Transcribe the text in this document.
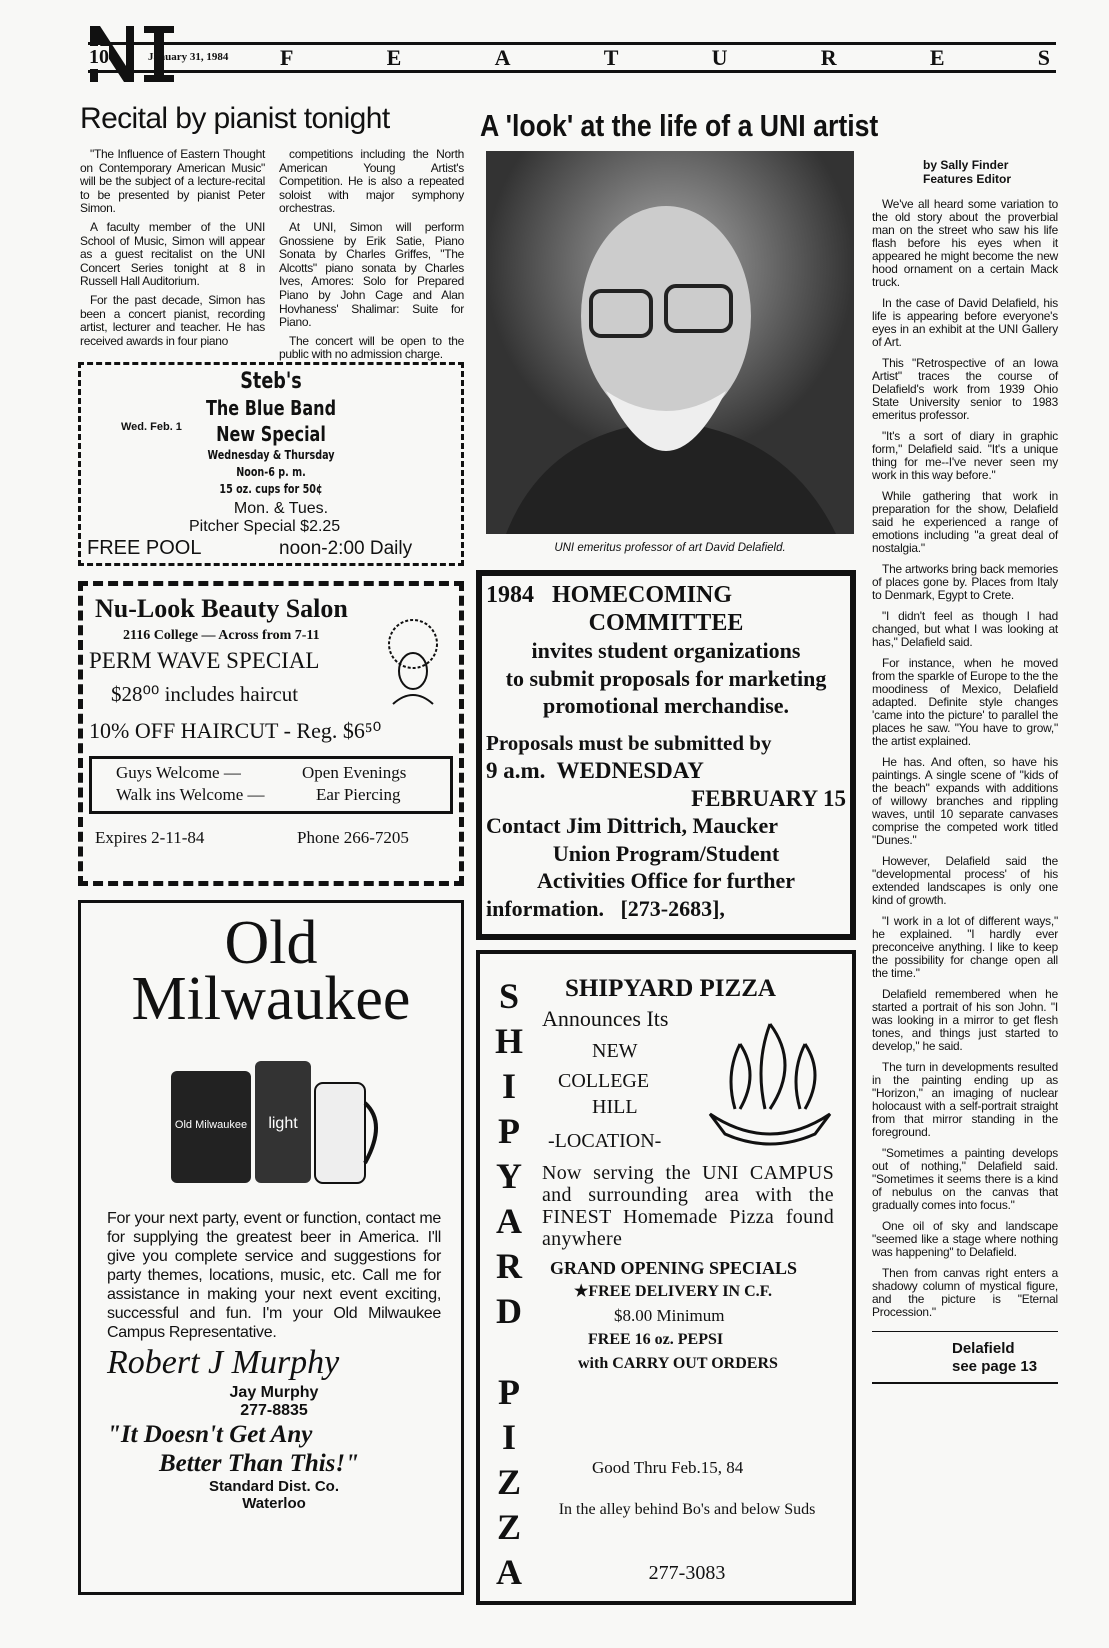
10	January 31, 1984 F	E	A	T	U	R	E	S
Recital by pianist tonight

"The Influence of Eastern Thought on Contemporary American Music" will be the subject of a lecture-recital to be presented by pianist Peter Simon.

A faculty member of the UNI School of Music, Simon will appear as a guest recitalist on the UNI Concert Series tonight at 8 in Russell Hall Auditorium.

For the past decade, Simon has been a concert pianist, recording artist, lecturer and teacher. He has received awards in four piano

competitions including the North American Young Artist's Competition. He is also a repeated soloist with major symphony orchestras.

At UNI, Simon will perform Gnossiene by Erik Satie, Piano Sonata by Charles Griffes, "The Alcotts" piano sonata by Charles Ives, Amores: Solo for Prepared Piano by John Cage and Alan Hovhaness' Shalimar: Suite for Piano.

The concert will be open to the public with no admission charge.

Steb's
The Blue Band
New Special
Wednesday & Thursday
Noon-6 p. m.
15 oz. cups for 50¢
Wed. Feb. 1
Mon. & Tues.
Pitcher Special $2.25
FREE POOL	noon-2:00 Daily
Nu-Look Beauty Salon
2116 College — Across from 7-11
PERM WAVE SPECIAL
$28⁰⁰ includes haircut
10% OFF HAIRCUT - Reg. $6⁵⁰
Guys Welcome —	Open Evenings
Walk ins Welcome —	Ear Piercing
Expires 2-11-84	Phone 266-7205
Old
Milwaukee
Old Milwaukee light
For your next party, event or function, contact me for supplying the greatest beer in America. I'll give you complete service and suggestions for party themes, locations, music, etc. Call me for assistance in making your next event exciting, successful and fun. I'm your Old Milwaukee Campus Representative.
Robert J Murphy
Jay Murphy
277-8835
"It Doesn't Get Any
Better Than This!"
Standard Dist. Co.
Waterloo
A 'look' at the life of a UNI artist
UNI emeritus professor of art David Delafield.
by Sally Finder
Features Editor

We've all heard some variation to the old story about the proverbial man on the street who saw his life flash before his eyes when it appeared he might become the new hood ornament on a certain Mack truck.

In the case of David Delafield, his life is appearing before everyone's eyes in an exhibit at the UNI Gallery of Art.

This "Retrospective of an Iowa Artist" traces the course of Delafield's work from 1939 Ohio State University senior to 1983 emeritus professor.

"It's a sort of diary in graphic form," Delafield said. "It's a unique thing for me--I've never seen my work in this way before."

While gathering that work in preparation for the show, Delafield said he experienced a range of emotions including "a great deal of nostalgia."

The artworks bring back memories of places gone by. Places from Italy to Denmark, Egypt to Crete.

"I didn't feel as though I had changed, but what I was looking at has," Delafield said.

For instance, when he moved from the sparkle of Europe to the the moodiness of Mexico, Delafield adapted. Definite style changes 'came into the picture' to parallel the places he saw. "You have to grow," the artist explained.

He has. And often, so have his paintings. A single scene of "kids of the beach" expands with additions of willowy branches and rippling waves, until 10 separate canvases comprise the competed work titled "Dunes."

However, Delafield said the "developmental process' of his extended landscapes is only one kind of growth.

"I work in a lot of different ways," he explained. "I hardly ever preconceive anything. I like to keep the possibility for change open all the time."

Delafield remembered when he started a portrait of his son John. "I was looking in a mirror to get flesh tones, and things just started to develop," he said.

The turn in developments resulted in the painting ending up as "Horizon," an imaging of nuclear holocaust with a self-portrait straight from that mirror standing in the foreground.

"Sometimes a painting develops out of nothing," Delafield said. "Sometimes it seems there is a kind of nebulus on the canvas that gradually comes into focus."

One oil of sky and landscape "seemed like a stage where nothing was happening" to Delafield.

Then from canvas right enters a shadowy column of mystical figure, and the picture is "Eternal Procession."

Delafield
see page 13
1984   HOMECOMING
COMMITTEE
invites student organizations
to submit proposals for marketing
promotional merchandise.
Proposals must be submitted by
9 a.m.  WEDNESDAY
FEBRUARY 15
Contact Jim Dittrich, Maucker
Union Program/Student
Activities Office for further
information.   [273-2683],
S
H
I
P
Y
A
R
D
P
I
Z
Z
A
SHIPYARD PIZZA
Announces Its
NEW
COLLEGE
HILL
-LOCATION-
Now serving the UNI CAMPUS and surrounding area with the FINEST Homemade Pizza found anywhere
GRAND OPENING SPECIALS
★FREE DELIVERY IN C.F.
$8.00 Minimum
FREE 16 oz. PEPSI
with CARRY OUT ORDERS
Good Thru Feb.15, 84
In the alley behind Bo's and below Suds
277-3083
